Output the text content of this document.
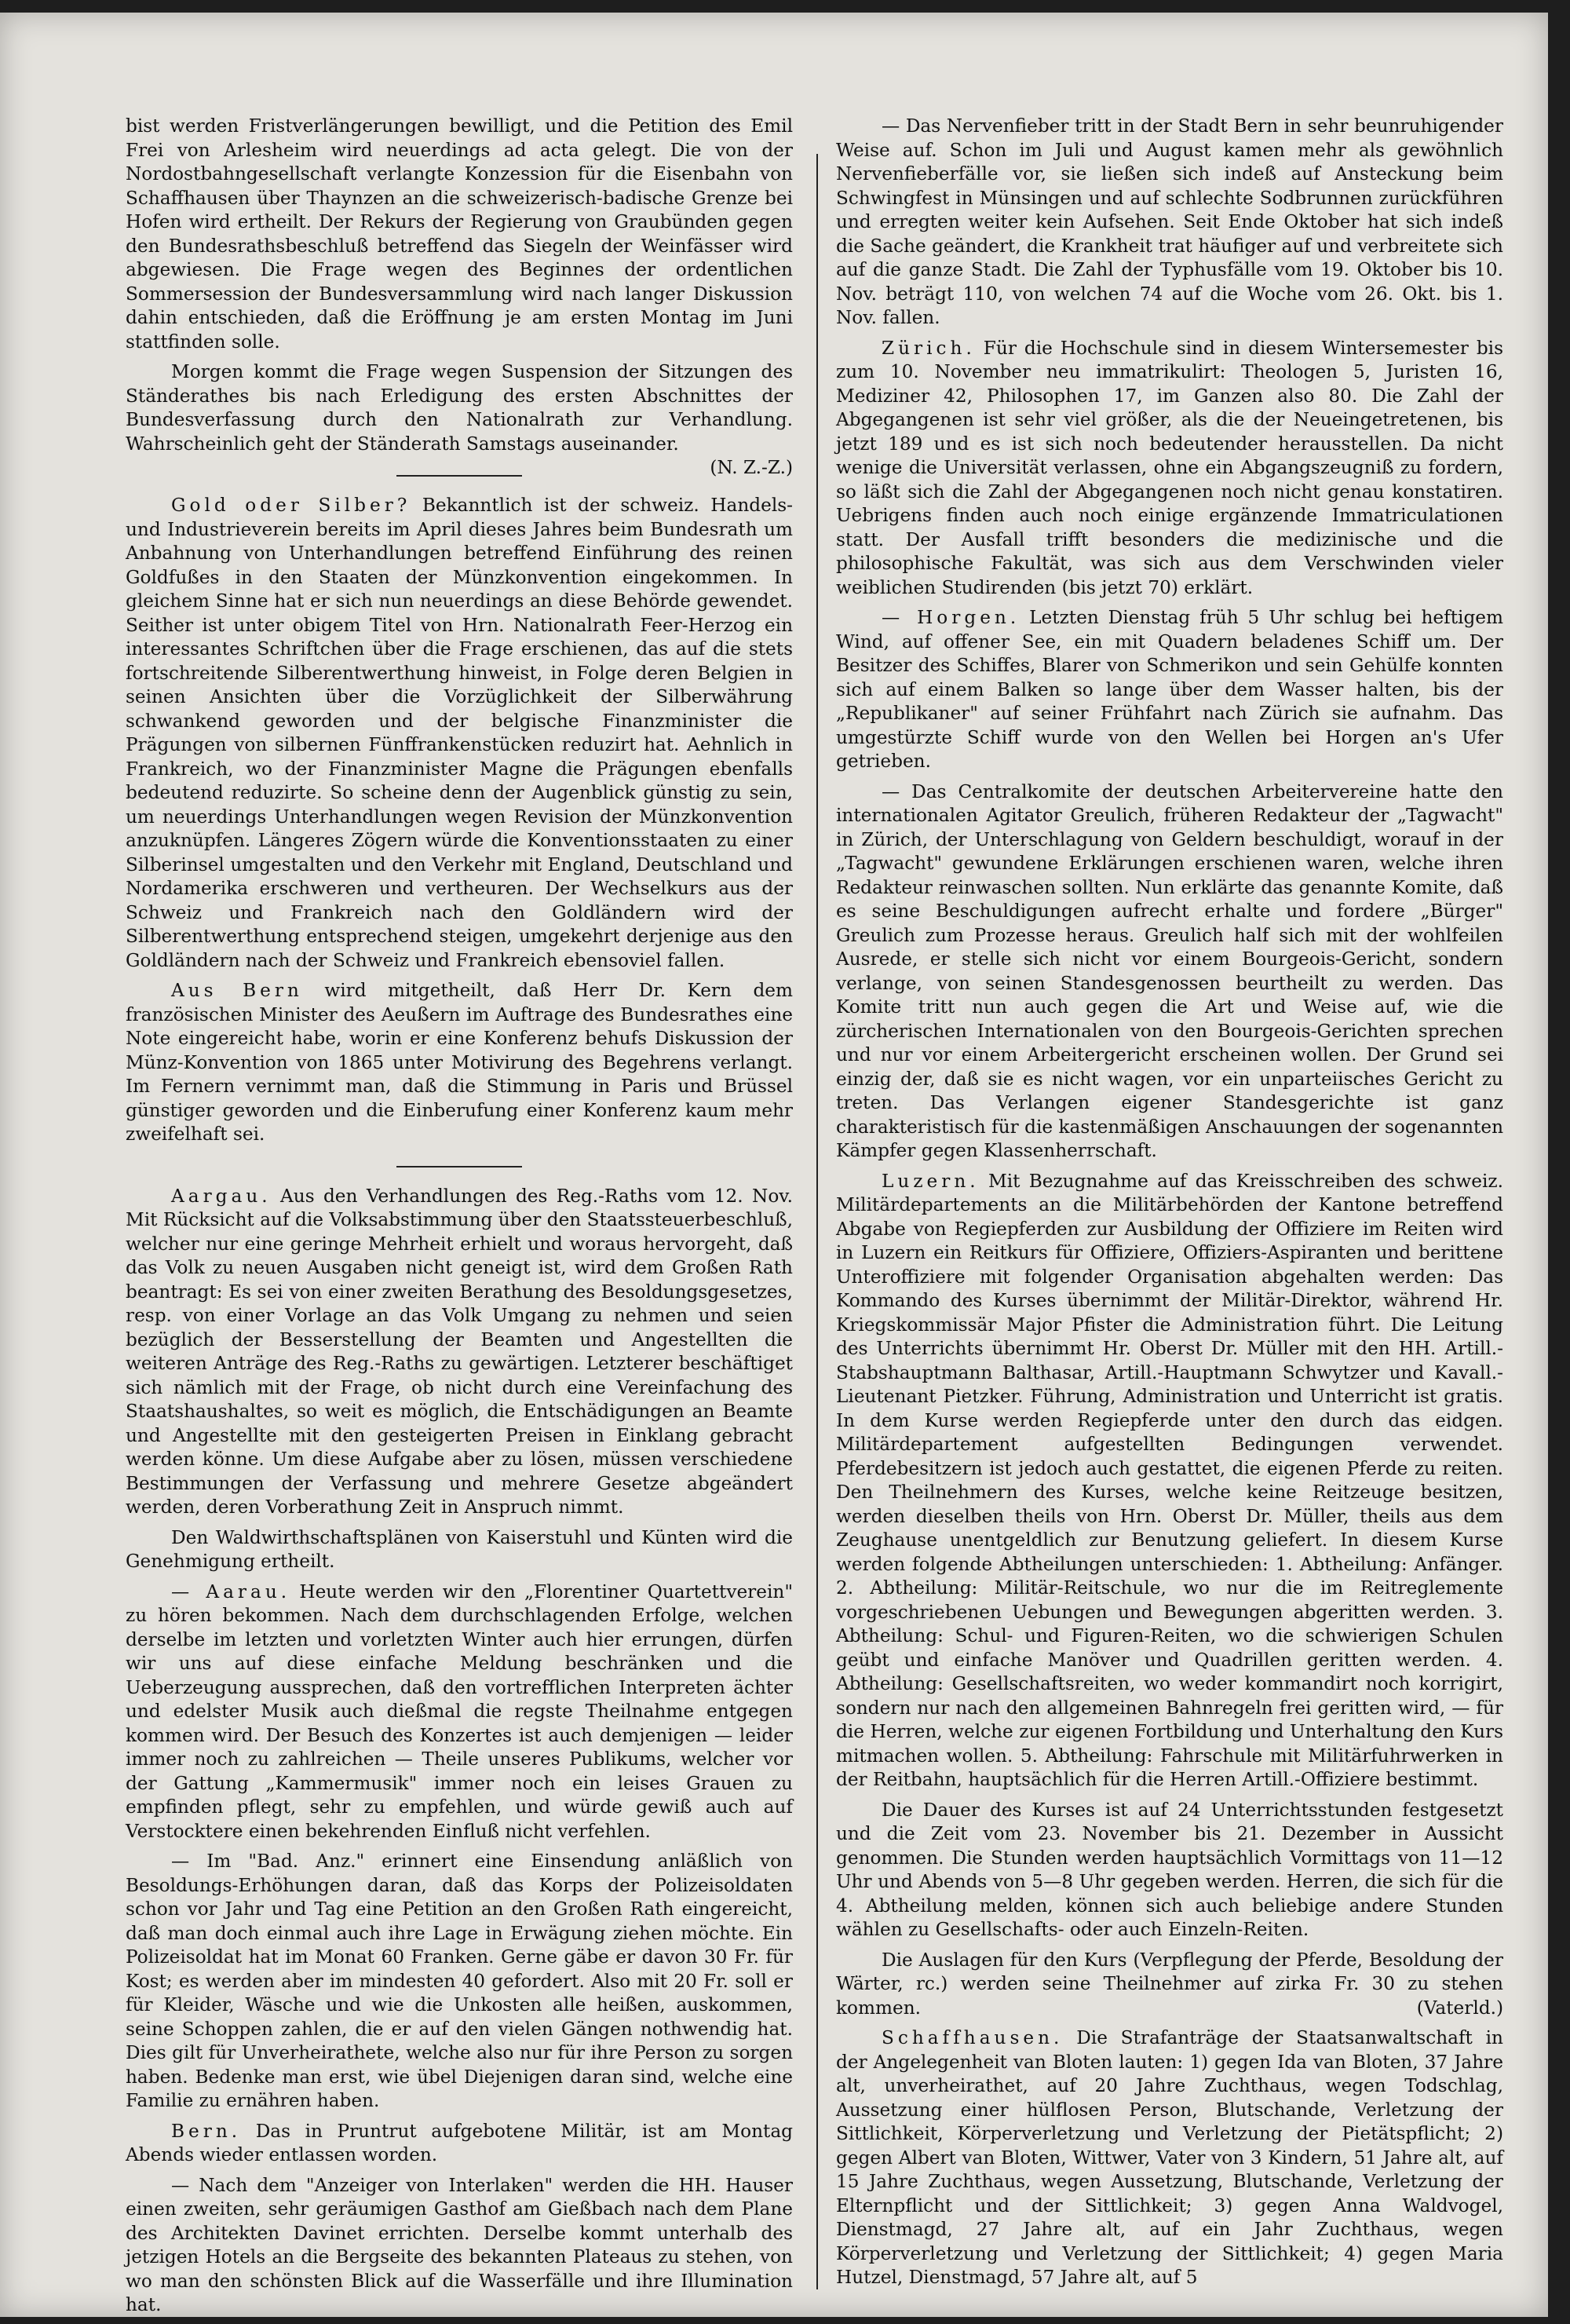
bist werden Fristverlängerungen bewilligt, und die Petition des Emil Frei von Arlesheim wird neuerdings ad acta gelegt. Die von der Nordostbahngesellschaft verlangte Konzession für die Eisenbahn von Schaffhausen über Thaynzen an die schweizerisch-badische Grenze bei Hofen wird ertheilt. Der Rekurs der Regierung von Graubünden gegen den Bundesrathsbeschluß betreffend das Siegeln der Weinfässer wird abgewiesen. Die Frage wegen des Beginnes der ordentlichen Sommersession der Bundesversammlung wird nach langer Diskussion dahin entschieden, daß die Eröffnung je am ersten Montag im Juni stattfinden solle.

Morgen kommt die Frage wegen Suspension der Sitzungen des Ständerathes bis nach Erledigung des ersten Abschnittes der Bundesverfassung durch den Nationalrath zur Verhandlung. Wahrscheinlich geht der Ständerath Samstags auseinander.
(N. Z.-Z.)

Gold oder Silber? Bekanntlich ist der schweiz. Handels- und Industrieverein bereits im April dieses Jahres beim Bundesrath um Anbahnung von Unterhandlungen betreffend Einführung des reinen Goldfußes in den Staaten der Münzkonvention eingekommen. In gleichem Sinne hat er sich nun neuerdings an diese Behörde gewendet. Seither ist unter obigem Titel von Hrn. Nationalrath Feer-Herzog ein interessantes Schriftchen über die Frage erschienen, das auf die stets fortschreitende Silberentwerthung hinweist, in Folge deren Belgien in seinen Ansichten über die Vorzüglichkeit der Silberwährung schwankend geworden und der belgische Finanzminister die Prägungen von silbernen Fünffrankenstücken reduzirt hat. Aehnlich in Frankreich, wo der Finanzminister Magne die Prägungen ebenfalls bedeutend reduzirte. So scheine denn der Augenblick günstig zu sein, um neuerdings Unterhandlungen wegen Revision der Münzkonvention anzuknüpfen. Längeres Zögern würde die Konventionsstaaten zu einer Silberinsel umgestalten und den Verkehr mit England, Deutschland und Nordamerika erschweren und vertheuren. Der Wechselkurs aus der Schweiz und Frankreich nach den Goldländern wird der Silberentwerthung entsprechend steigen, umgekehrt derjenige aus den Goldländern nach der Schweiz und Frankreich ebensoviel fallen.

Aus Bern wird mitgetheilt, daß Herr Dr. Kern dem französischen Minister des Aeußern im Auftrage des Bundesrathes eine Note eingereicht habe, worin er eine Konferenz behufs Diskussion der Münz-Konvention von 1865 unter Motivirung des Begehrens verlangt. Im Fernern vernimmt man, daß die Stimmung in Paris und Brüssel günstiger geworden und die Einberufung einer Konferenz kaum mehr zweifelhaft sei.

Aargau. Aus den Verhandlungen des Reg.-Raths vom 12. Nov. Mit Rücksicht auf die Volksabstimmung über den Staatssteuerbeschluß, welcher nur eine geringe Mehrheit erhielt und woraus hervorgeht, daß das Volk zu neuen Ausgaben nicht geneigt ist, wird dem Großen Rath beantragt: Es sei von einer zweiten Berathung des Besoldungsgesetzes, resp. von einer Vorlage an das Volk Umgang zu nehmen und seien bezüglich der Besserstellung der Beamten und Angestellten die weiteren Anträge des Reg.-Raths zu gewärtigen. Letzterer beschäftiget sich nämlich mit der Frage, ob nicht durch eine Vereinfachung des Staatshaushaltes, so weit es möglich, die Entschädigungen an Beamte und Angestellte mit den gesteigerten Preisen in Einklang gebracht werden könne. Um diese Aufgabe aber zu lösen, müssen verschiedene Bestimmungen der Verfassung und mehrere Gesetze abgeändert werden, deren Vorberathung Zeit in Anspruch nimmt.

Den Waldwirthschaftsplänen von Kaiserstuhl und Künten wird die Genehmigung ertheilt.

— Aarau. Heute werden wir den „Florentiner Quartettverein" zu hören bekommen. Nach dem durchschlagenden Erfolge, welchen derselbe im letzten und vorletzten Winter auch hier errungen, dürfen wir uns auf diese einfache Meldung beschränken und die Ueberzeugung aussprechen, daß den vortrefflichen Interpreten ächter und edelster Musik auch dießmal die regste Theilnahme entgegen kommen wird. Der Besuch des Konzertes ist auch demjenigen — leider immer noch zu zahlreichen — Theile unseres Publikums, welcher vor der Gattung „Kammermusik" immer noch ein leises Grauen zu empfinden pflegt, sehr zu empfehlen, und würde gewiß auch auf Verstocktere einen bekehrenden Einfluß nicht verfehlen.

— Im "Bad. Anz." erinnert eine Einsendung anläßlich von Besoldungs-Erhöhungen daran, daß das Korps der Polizeisoldaten schon vor Jahr und Tag eine Petition an den Großen Rath eingereicht, daß man doch einmal auch ihre Lage in Erwägung ziehen möchte. Ein Polizeisoldat hat im Monat 60 Franken. Gerne gäbe er davon 30 Fr. für Kost; es werden aber im mindesten 40 gefordert. Also mit 20 Fr. soll er für Kleider, Wäsche und wie die Unkosten alle heißen, auskommen, seine Schoppen zahlen, die er auf den vielen Gängen nothwendig hat. Dies gilt für Unverheirathete, welche also nur für ihre Person zu sorgen haben. Bedenke man erst, wie übel Diejenigen daran sind, welche eine Familie zu ernähren haben.

Bern. Das in Pruntrut aufgebotene Militär, ist am Montag Abends wieder entlassen worden.

— Nach dem "Anzeiger von Interlaken" werden die HH. Hauser einen zweiten, sehr geräumigen Gasthof am Gießbach nach dem Plane des Architekten Davinet errichten. Derselbe kommt unterhalb des jetzigen Hotels an die Bergseite des bekannten Plateaus zu stehen, von wo man den schönsten Blick auf die Wasserfälle und ihre Illumination hat.

— Das Nervenfieber tritt in der Stadt Bern in sehr beunruhigender Weise auf. Schon im Juli und August kamen mehr als gewöhnlich Nervenfieberfälle vor, sie ließen sich indeß auf Ansteckung beim Schwingfest in Münsingen und auf schlechte Sodbrunnen zurückführen und erregten weiter kein Aufsehen. Seit Ende Oktober hat sich indeß die Sache geändert, die Krankheit trat häufiger auf und verbreitete sich auf die ganze Stadt. Die Zahl der Typhusfälle vom 19. Oktober bis 10. Nov. beträgt 110, von welchen 74 auf die Woche vom 26. Okt. bis 1. Nov. fallen.

Zürich. Für die Hochschule sind in diesem Wintersemester bis zum 10. November neu immatrikulirt: Theologen 5, Juristen 16, Mediziner 42, Philosophen 17, im Ganzen also 80. Die Zahl der Abgegangenen ist sehr viel größer, als die der Neueingetretenen, bis jetzt 189 und es ist sich noch bedeutender herausstellen. Da nicht wenige die Universität verlassen, ohne ein Abgangszeugniß zu fordern, so läßt sich die Zahl der Abgegangenen noch nicht genau konstatiren. Uebrigens finden auch noch einige ergänzende Immatriculationen statt. Der Ausfall trifft besonders die medizinische und die philosophische Fakultät, was sich aus dem Verschwinden vieler weiblichen Studirenden (bis jetzt 70) erklärt.

— Horgen. Letzten Dienstag früh 5 Uhr schlug bei heftigem Wind, auf offener See, ein mit Quadern beladenes Schiff um. Der Besitzer des Schiffes, Blarer von Schmerikon und sein Gehülfe konnten sich auf einem Balken so lange über dem Wasser halten, bis der „Republikaner" auf seiner Frühfahrt nach Zürich sie aufnahm. Das umgestürzte Schiff wurde von den Wellen bei Horgen an's Ufer getrieben.

— Das Centralkomite der deutschen Arbeitervereine hatte den internationalen Agitator Greulich, früheren Redakteur der „Tagwacht" in Zürich, der Unterschlagung von Geldern beschuldigt, worauf in der „Tagwacht" gewundene Erklärungen erschienen waren, welche ihren Redakteur reinwaschen sollten. Nun erklärte das genannte Komite, daß es seine Beschuldigungen aufrecht erhalte und fordere „Bürger" Greulich zum Prozesse heraus. Greulich half sich mit der wohlfeilen Ausrede, er stelle sich nicht vor einem Bourgeois-Gericht, sondern verlange, von seinen Standesgenossen beurtheilt zu werden. Das Komite tritt nun auch gegen die Art und Weise auf, wie die zürcherischen Internationalen von den Bourgeois-Gerichten sprechen und nur vor einem Arbeitergericht erscheinen wollen. Der Grund sei einzig der, daß sie es nicht wagen, vor ein unparteiisches Gericht zu treten. Das Verlangen eigener Standesgerichte ist ganz charakteristisch für die kastenmäßigen Anschauungen der sogenannten Kämpfer gegen Klassenherrschaft.

Luzern. Mit Bezugnahme auf das Kreisschreiben des schweiz. Militärdepartements an die Militärbehörden der Kantone betreffend Abgabe von Regiepferden zur Ausbildung der Offiziere im Reiten wird in Luzern ein Reitkurs für Offiziere, Offiziers-Aspiranten und berittene Unteroffiziere mit folgender Organisation abgehalten werden: Das Kommando des Kurses übernimmt der Militär-Direktor, während Hr. Kriegskommissär Major Pfister die Administration führt. Die Leitung des Unterrichts übernimmt Hr. Oberst Dr. Müller mit den HH. Artill.-Stabshauptmann Balthasar, Artill.-Hauptmann Schwytzer und Kavall.-Lieutenant Pietzker. Führung, Administration und Unterricht ist gratis. In dem Kurse werden Regiepferde unter den durch das eidgen. Militärdepartement aufgestellten Bedingungen verwendet. Pferdebesitzern ist jedoch auch gestattet, die eigenen Pferde zu reiten. Den Theilnehmern des Kurses, welche keine Reitzeuge besitzen, werden dieselben theils von Hrn. Oberst Dr. Müller, theils aus dem Zeughause unentgeldlich zur Benutzung geliefert. In diesem Kurse werden folgende Abtheilungen unterschieden: 1. Abtheilung: Anfänger. 2. Abtheilung: Militär-Reitschule, wo nur die im Reitreglemente vorgeschriebenen Uebungen und Bewegungen abgeritten werden. 3. Abtheilung: Schul- und Figuren-Reiten, wo die schwierigen Schulen geübt und einfache Manöver und Quadrillen geritten werden. 4. Abtheilung: Gesellschaftsreiten, wo weder kommandirt noch korrigirt, sondern nur nach den allgemeinen Bahnregeln frei geritten wird, — für die Herren, welche zur eigenen Fortbildung und Unterhaltung den Kurs mitmachen wollen. 5. Abtheilung: Fahrschule mit Militärfuhrwerken in der Reitbahn, hauptsächlich für die Herren Artill.-Offiziere bestimmt.

Die Dauer des Kurses ist auf 24 Unterrichtsstunden festgesetzt und die Zeit vom 23. November bis 21. Dezember in Aussicht genommen. Die Stunden werden hauptsächlich Vormittags von 11—12 Uhr und Abends von 5—8 Uhr gegeben werden. Herren, die sich für die 4. Abtheilung melden, können sich auch beliebige andere Stunden wählen zu Gesellschafts- oder auch Einzeln-Reiten.

Die Auslagen für den Kurs (Verpflegung der Pferde, Besoldung der Wärter, rc.) werden seine Theilnehmer auf zirka Fr. 30 zu stehen kommen.	(Vaterld.)

Schaffhausen. Die Strafanträge der Staatsanwaltschaft in der Angelegenheit van Bloten lauten: 1) gegen Ida van Bloten, 37 Jahre alt, unverheirathet, auf 20 Jahre Zuchthaus, wegen Todschlag, Aussetzung einer hülflosen Person, Blutschande, Verletzung der Sittlichkeit, Körperverletzung und Verletzung der Pietätspflicht; 2) gegen Albert van Bloten, Wittwer, Vater von 3 Kindern, 51 Jahre alt, auf 15 Jahre Zuchthaus, wegen Aussetzung, Blutschande, Verletzung der Elternpflicht und der Sittlichkeit; 3) gegen Anna Waldvogel, Dienstmagd, 27 Jahre alt, auf ein Jahr Zuchthaus, wegen Körperverletzung und Verletzung der Sittlichkeit; 4) gegen Maria Hutzel, Dienstmagd, 57 Jahre alt, auf 5
